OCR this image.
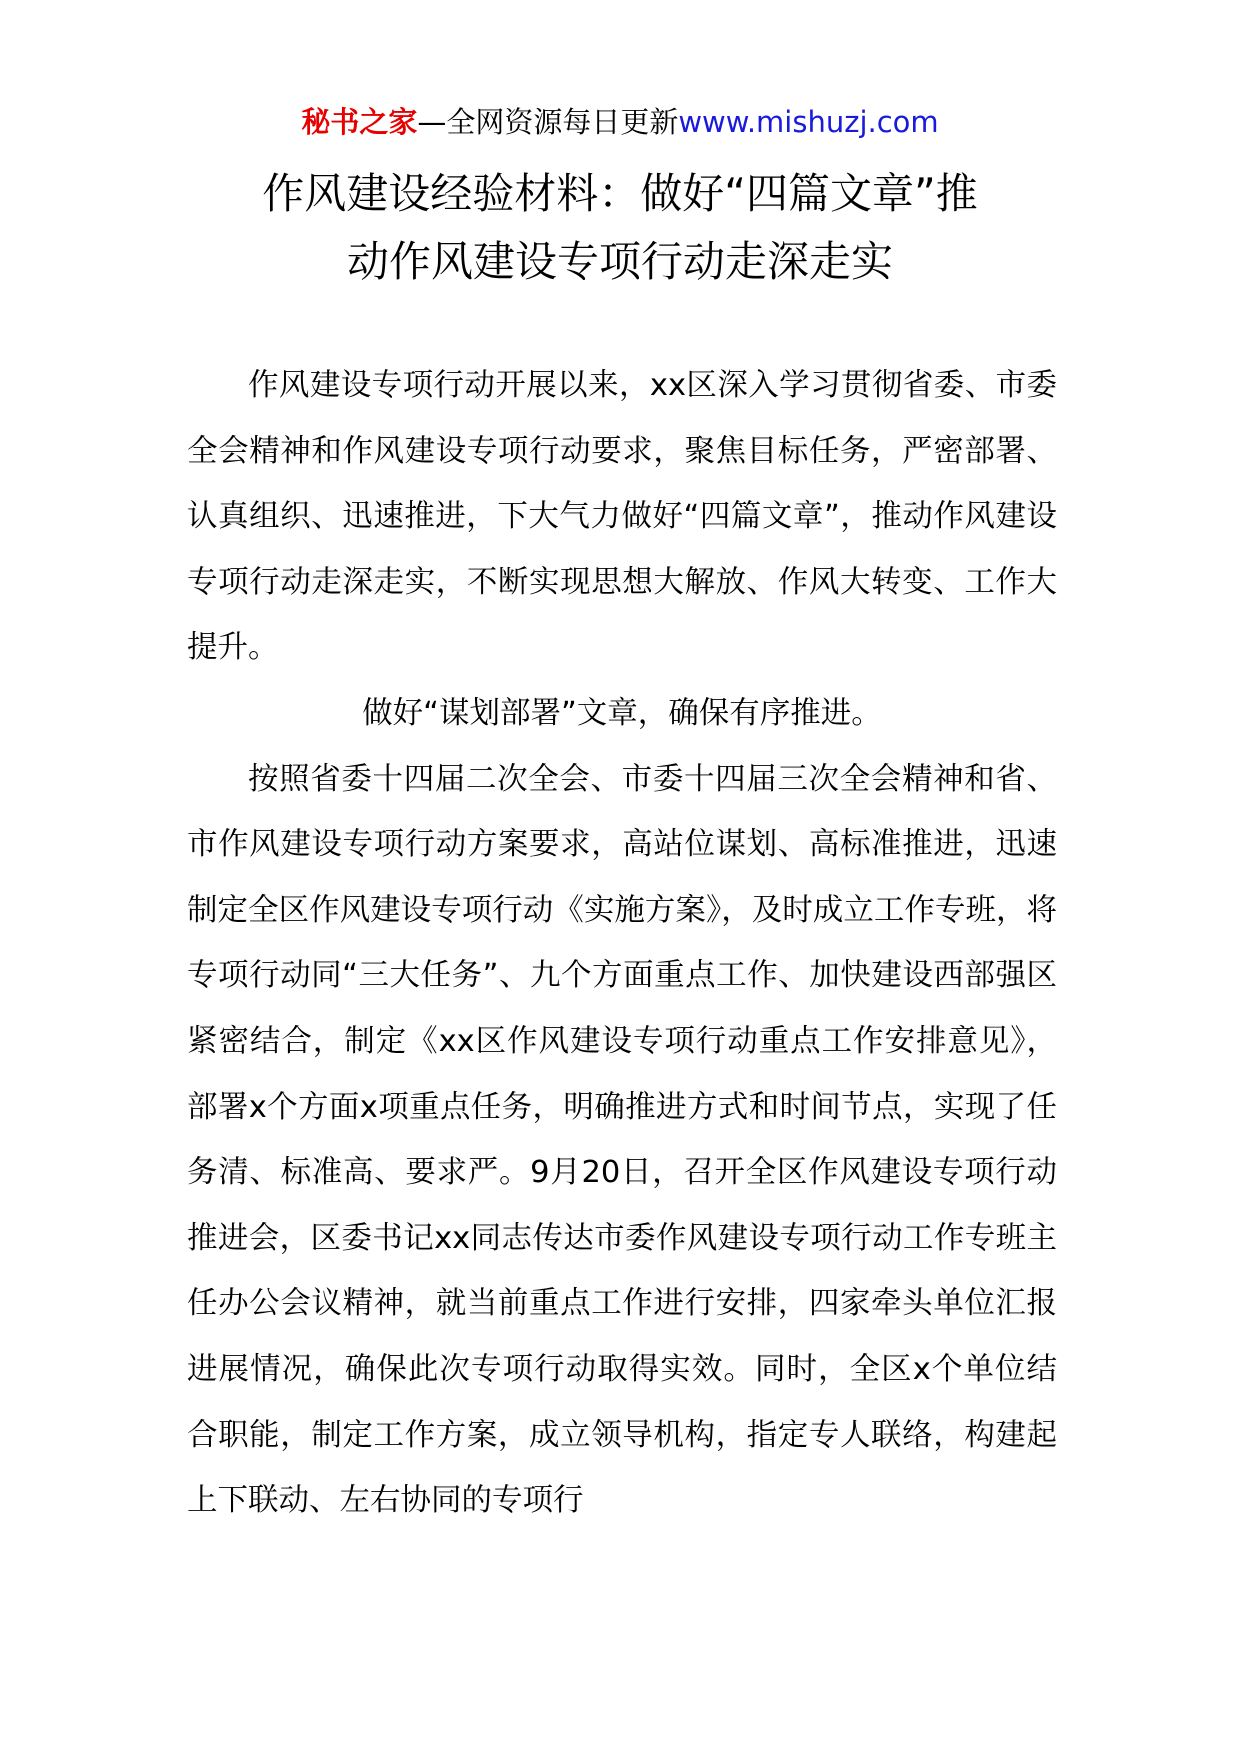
秘书之家—全网资源每日更新www.mishuzj.com
作风建设经验材料：做好“四篇文章”推
动作风建设专项行动走深走实

作风建设专项行动开展以来，xx区深入学习贯彻省委、市委全会精神和作风建设专项行动要求，聚焦目标任务，严密部署、认真组织、迅速推进，下大气力做好“四篇文章”，推动作风建设专项行动走深走实，不断实现思想大解放、作风大转变、工作大提升。

做好“谋划部署”文章，确保有序推进。

按照省委十四届二次全会、市委十四届三次全会精神和省、市作风建设专项行动方案要求，高站位谋划、高标准推进，迅速制定全区作风建设专项行动《实施方案》，及时成立工作专班，将专项行动同“三大任务”、九个方面重点工作、加快建设西部强区紧密结合，制定《xx区作风建设专项行动重点工作安排意见》，部署x个方面x项重点任务，明确推进方式和时间节点，实现了任务清、标准高、要求严。9月20日，召开全区作风建设专项行动推进会，区委书记xx同志传达市委作风建设专项行动工作专班主任办公会议精神，就当前重点工作进行安排，四家牵头单位汇报进展情况，确保此次专项行动取得实效。同时，全区x个单位结合职能，制定工作方案，成立领导机构，指定专人联络，构建起上下联动、左右协同的专项行
